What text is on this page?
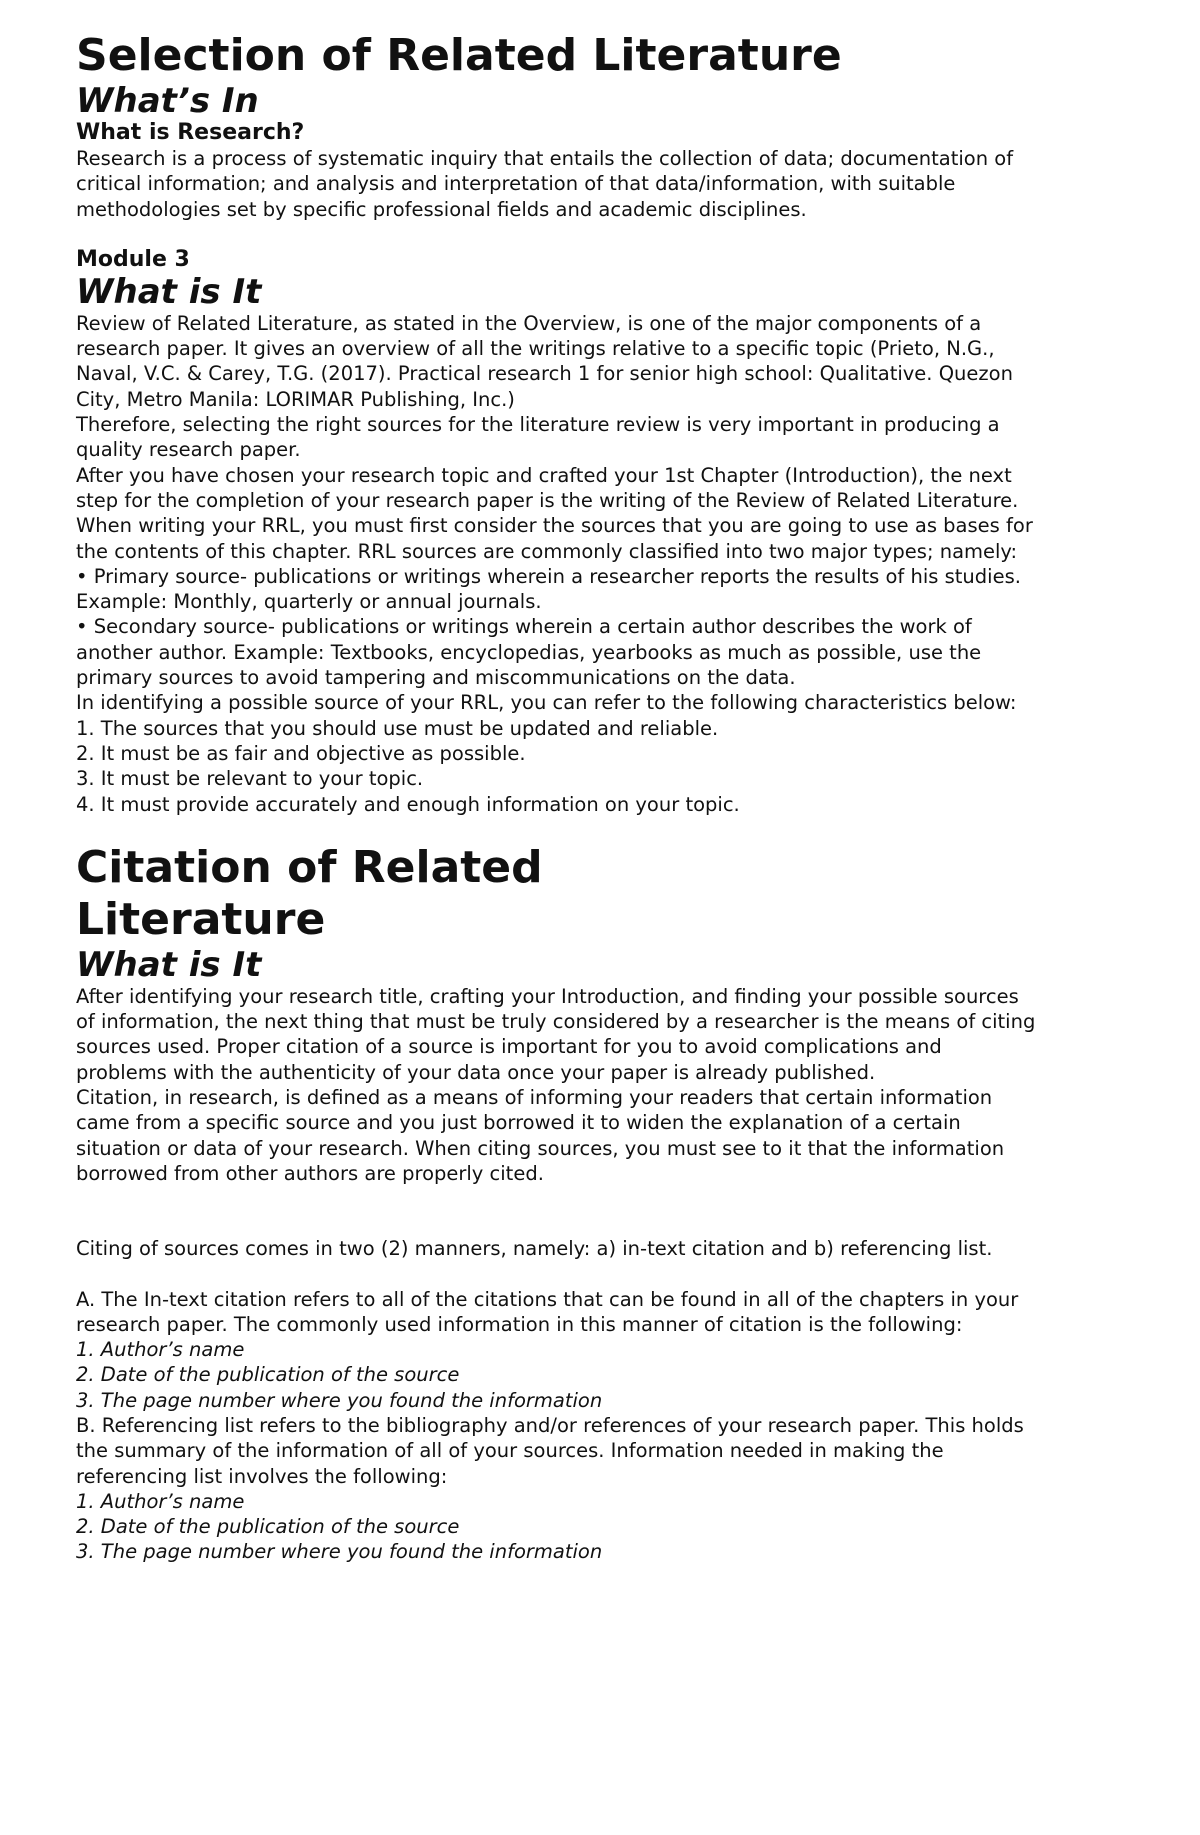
Selection of Related Literature
What’s In
What is Research?

Research is a process of systematic inquiry that entails the collection of data; documentation of critical information; and analysis and interpretation of that data/information, with suitable methodologies set by specific professional fields and academic disciplines.

Module 3
What is It

Review of Related Literature, as stated in the Overview, is one of the major components of a research paper. It gives an overview of all the writings relative to a specific topic (Prieto, N.G., Naval, V.C. & Carey, T.G. (2017). Practical research 1 for senior high school: Qualitative. Quezon City, Metro Manila: LORIMAR Publishing, Inc.)

Therefore, selecting the right sources for the literature review is very important in producing a quality research paper.

After you have chosen your research topic and crafted your 1st Chapter (Introduction), the next step for the completion of your research paper is the writing of the Review of Related Literature. When writing your RRL, you must first consider the sources that you are going to use as bases for the contents of this chapter. RRL sources are commonly classified into two major types; namely:

• Primary source- publications or writings wherein a researcher reports the results of his studies. Example: Monthly, quarterly or annual journals.

• Secondary source- publications or writings wherein a certain author describes the work of another author. Example: Textbooks, encyclopedias, yearbooks as much as possible, use the primary sources to avoid tampering and miscommunications on the data.

In identifying a possible source of your RRL, you can refer to the following characteristics below:

1. The sources that you should use must be updated and reliable.

2. It must be as fair and objective as possible.

3. It must be relevant to your topic.

4. It must provide accurately and enough information on your topic.

Citation of Related Literature
What is It

After identifying your research title, crafting your Introduction, and finding your possible sources of information, the next thing that must be truly considered by a researcher is the means of citing sources used. Proper citation of a source is important for you to avoid complications and problems with the authenticity of your data once your paper is already published.

Citation, in research, is defined as a means of informing your readers that certain information came from a specific source and you just borrowed it to widen the explanation of a certain situation or data of your research. When citing sources, you must see to it that the information borrowed from other authors are properly cited.

Citing of sources comes in two (2) manners, namely: a) in-text citation and b) referencing list.

A. The In-text citation refers to all of the citations that can be found in all of the chapters in your research paper. The commonly used information in this manner of citation is the following:

1. Author’s name

2. Date of the publication of the source

3. The page number where you found the information

B. Referencing list refers to the bibliography and/or references of your research paper. This holds the summary of the information of all of your sources. Information needed in making the referencing list involves the following:

1. Author’s name

2. Date of the publication of the source

3. The page number where you found the information
